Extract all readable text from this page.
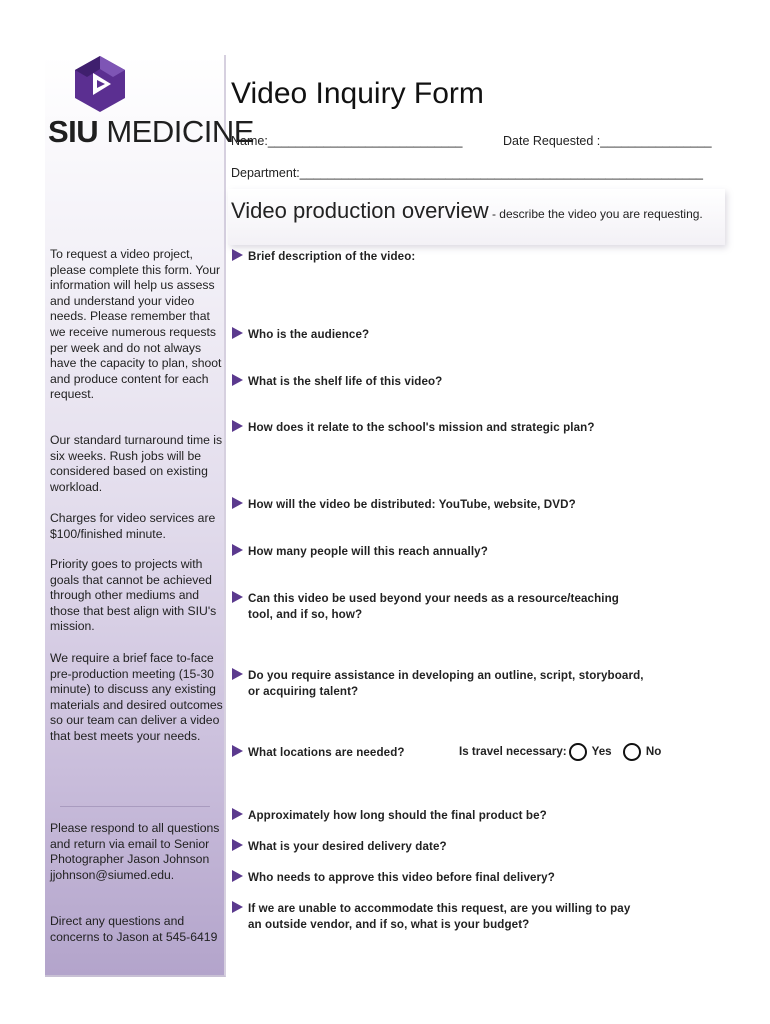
SIU MEDICINE
To request a video project, please complete this form. Your information will help us assess and understand your video needs. Please remember that we receive numerous requests per week and do not always have the capacity to plan, shoot and produce content for each request.
Our standard turnaround time is six weeks. Rush jobs will be considered based on existing workload.
Charges for video services are $100/finished minute.
Priority goes to projects with goals that cannot be achieved through other mediums and those that best align with SIU's mission.
We require a brief face to-face pre-production meeting (15-30 minute) to discuss any existing materials and desired outcomes so our team can deliver a video that best meets your needs.
Please respond to all questions and return via email to Senior Photographer Jason Johnson jjohnson@siumed.edu.
Direct any questions and concerns to Jason at 545-6419
Video Inquiry Form
Name:____________________________	Date Requested :________________
Department:__________________________________________________________
Video production overview - describe the video you are requesting.
Brief description of the video:
Who is the audience?
What is the shelf life of this video?
How does it relate to the school's mission and strategic plan?
How will the video be distributed: YouTube, website, DVD?
How many people will this reach annually?
Can this video be used beyond your needs as a resource/teaching
tool, and if so, how?
Do you require assistance in developing an outline, script, storyboard,
or acquiring talent?
What locations are needed?	Is travel necessary: Yes	No
Approximately how long should the final product be?
What is your desired delivery date?
Who needs to approve this video before final delivery?
If we are unable to accommodate this request, are you willing to pay
an outside vendor, and if so, what is your budget?
